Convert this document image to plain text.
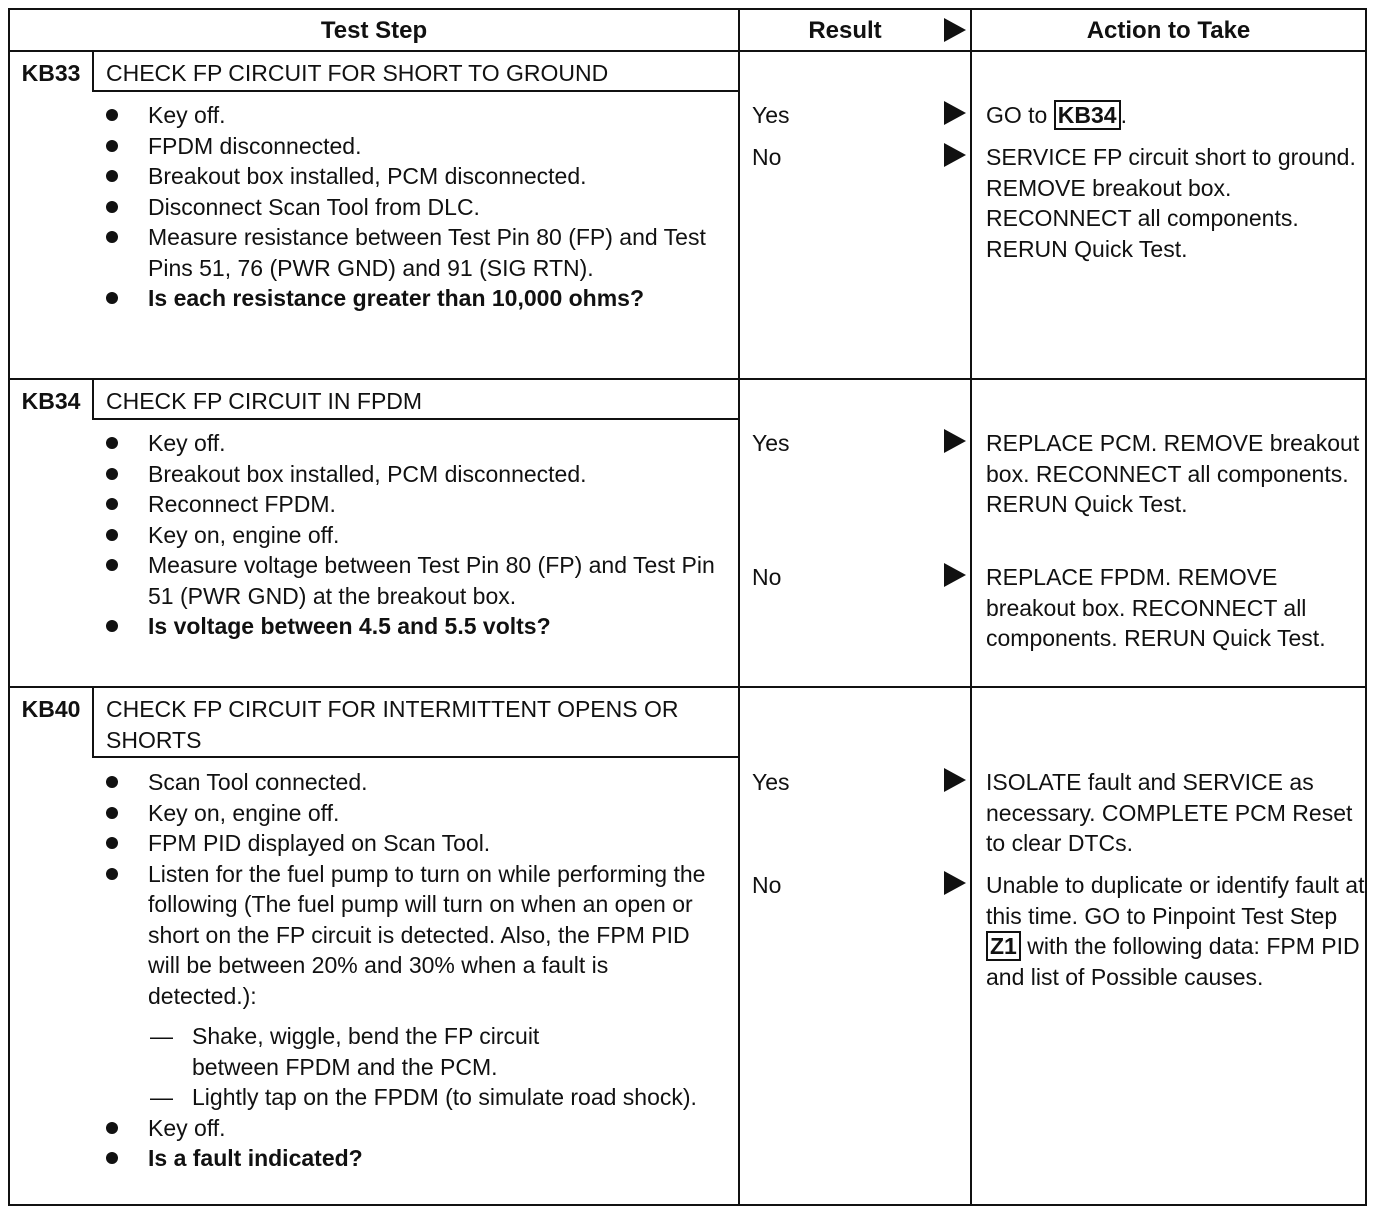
Test Step	Result	Action to Take
KB33	CHECK FP CIRCUIT FOR SHORT TO GROUND
Key off.
FPDM disconnected.
Breakout box installed, PCM disconnected.
Disconnect Scan Tool from DLC.
Measure resistance between Test Pin 80 (FP) and Test Pins 51, 76 (PWR GND) and 91 (SIG RTN).
Is each resistance greater than 10,000 ohms?
Yes	GO to KB34 .
No	SERVICE FP circuit short to ground. REMOVE breakout box. RECONNECT all components. RERUN Quick Test.
KB34	CHECK FP CIRCUIT IN FPDM
Key off.
Breakout box installed, PCM disconnected.
Reconnect FPDM.
Key on, engine off.
Measure voltage between Test Pin 80 (FP) and Test Pin 51 (PWR GND) at the breakout box.
Is voltage between 4.5 and 5.5 volts?
Yes	REPLACE PCM. REMOVE breakout box. RECONNECT all components. RERUN Quick Test.
No	REPLACE FPDM. REMOVE breakout box. RECONNECT all components. RERUN Quick Test.
KB40	CHECK FP CIRCUIT FOR INTERMITTENT OPENS OR SHORTS
Scan Tool connected.
Key on, engine off.
FPM PID displayed on Scan Tool.
Listen for the fuel pump to turn on while performing the following (The fuel pump will turn on when an open or short on the FP circuit is detected. Also, the FPM PID will be between 20% and 30% when a fault is detected.):
— Shake, wiggle, bend the FP circuit between FPDM and the PCM.
— Lightly tap on the FPDM (to simulate road shock).
Key off.
Is a fault indicated?
Yes	ISOLATE fault and SERVICE as necessary. COMPLETE PCM Reset to clear DTCs.
No	Unable to duplicate or identify fault at this time. GO to Pinpoint Test Step Z1 with the following data: FPM PID and list of Possible causes.
